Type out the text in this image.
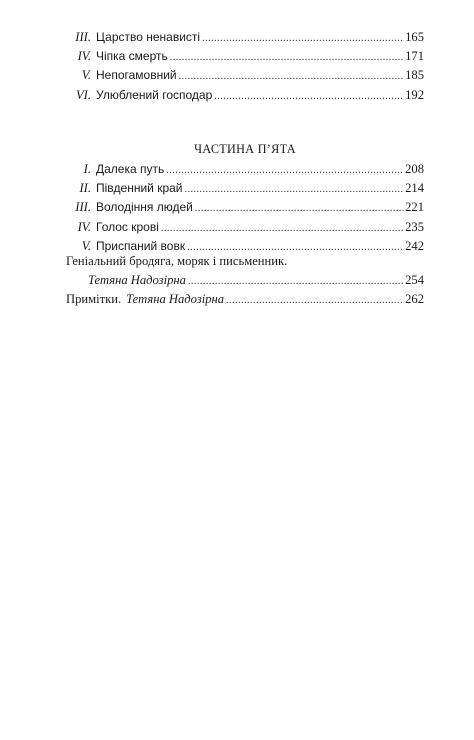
III. Царство ненависті .....	165
IV. Чіпка смерть .....	171
V. Непогамовний .....	185
VI. Улюблений господар .....	192
ЧАСТИНА П’ЯТА
I. Далека путь .....	208
II. Південний край .....	214
III. Володіння людей .....	221
IV. Голос крові .....	235
V. Приспаний вовк .....	242
Геніальний бродяга, моряк і письменник.
Тетяна Надозірна .....	254
Примітки. Тетяна Надозірна .....	262
